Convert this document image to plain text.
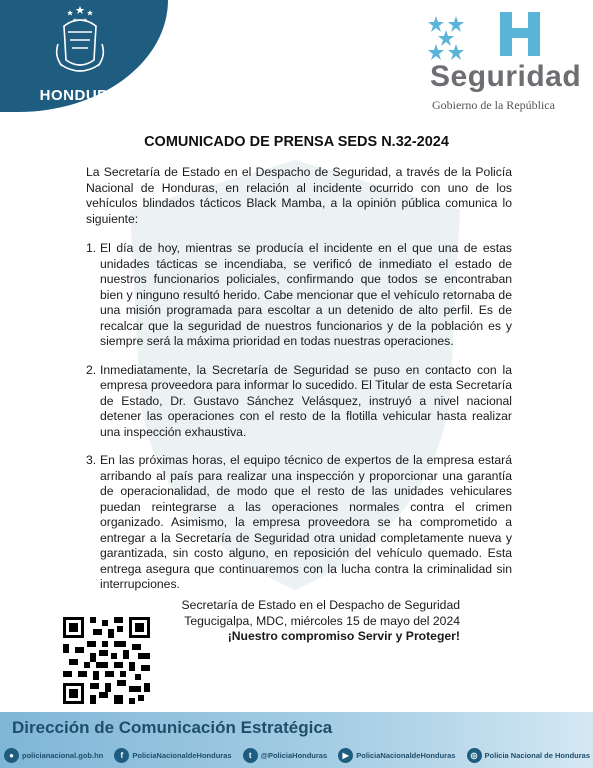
HONDURAS
Seguridad
Gobierno de la República
COMUNICADO DE PRENSA SEDS N.32-2024

La Secretaría de Estado en el Despacho de Seguridad, a través de la Policía Nacional de Honduras, en relación al incidente ocurrido con uno de los vehículos blindados tácticos Black Mamba, a la opinión pública comunica lo siguiente:

1. El día de hoy, mientras se producía el incidente en el que una de estas unidades tácticas se incendiaba, se verificó de inmediato el estado de nuestros funcionarios policiales, confirmando que todos se encontraban bien y ninguno resultó herido. Cabe mencionar que el vehículo retornaba de una misión programada para escoltar a un detenido de alto perfil. Es de recalcar que la seguridad de nuestros funcionarios y de la población es y siempre será la máxima prioridad en todas nuestras operaciones.
2. Inmediatamente, la Secretaría de Seguridad se puso en contacto con la empresa proveedora para informar lo sucedido. El Titular de esta Secretaría de Estado, Dr. Gustavo Sánchez Velásquez, instruyó a nivel nacional detener las operaciones con el resto de la flotilla vehicular hasta realizar una inspección exhaustiva.
3. En las próximas horas, el equipo técnico de expertos de la empresa estará arribando al país para realizar una inspección y proporcionar una garantía de operacionalidad, de modo que el resto de las unidades vehiculares puedan reintegrarse a las operaciones normales contra el crimen organizado. Asimismo, la empresa proveedora se ha comprometido a entregar a la Secretaría de Seguridad otra unidad completamente nueva y garantizada, sin costo alguno, en reposición del vehículo quemado. Esta entrega asegura que continuaremos con la lucha contra la criminalidad sin interrupciones.
Secretaría de Estado en el Despacho de Seguridad
Tegucigalpa, MDC, miércoles 15 de mayo del 2024
¡Nuestro compromiso Servir y Proteger!
Dirección de Comunicación Estratégica
●	policianacional.gob.hn	f	PoliciaNacionaldeHonduras	t	@PoliciaHonduras	▶ PoliciaNacionaldeHonduras	◎ Policia Nacional de Honduras
